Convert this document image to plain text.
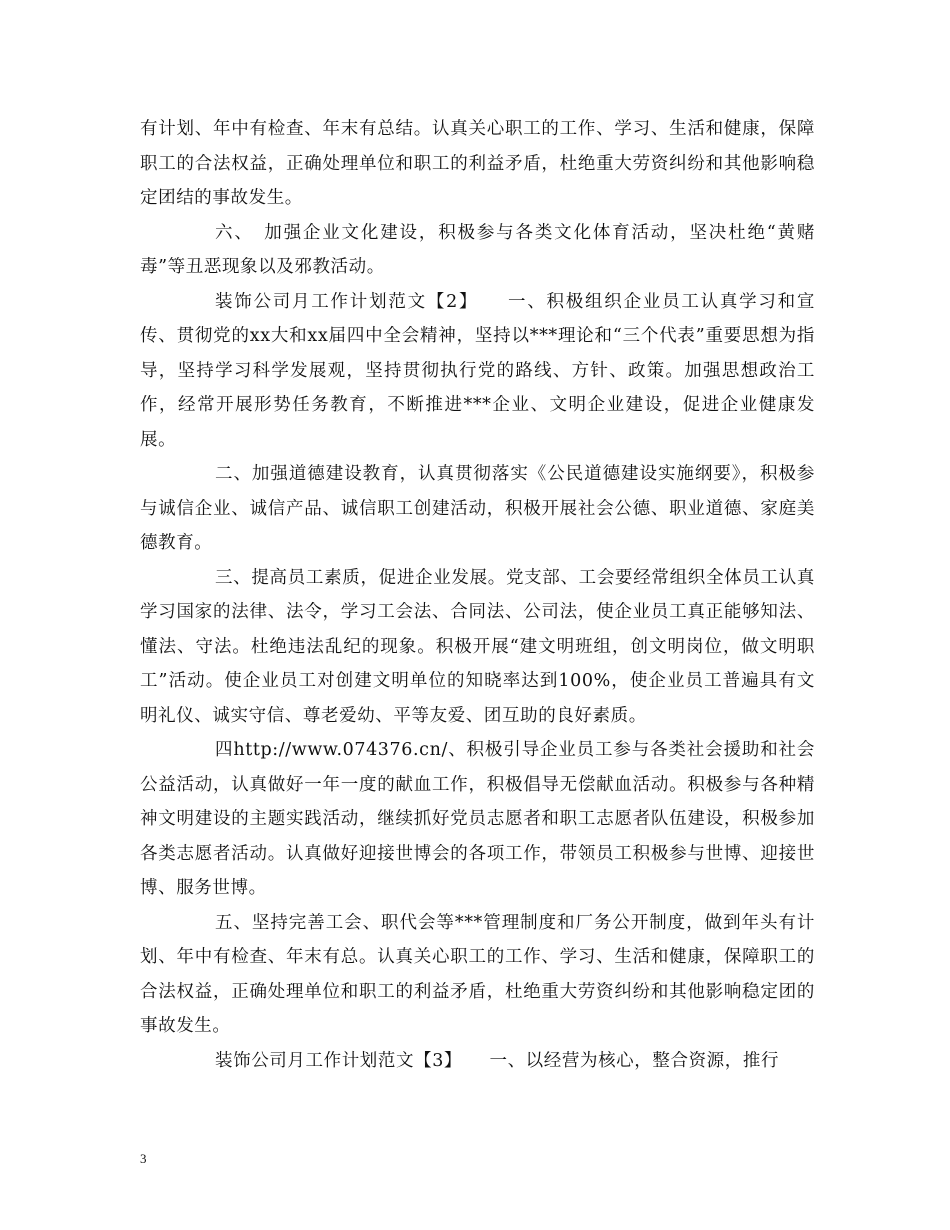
有计划、年中有检查、年末有总结。认真关心职工的工作、学习、生活和健康，保障职工的合法权益，正确处理单位和职工的利益矛盾，杜绝重大劳资纠纷和其他影响稳定团结的事故发生。

六、　加强企业文化建设，积极参与各类文化体育活动，坚决杜绝“黄赌毒”等丑恶现象以及邪教活动。

装饰公司月工作计划范文【2】　　一、积极组织企业员工认真学习和宣传、贯彻党的xx大和xx届四中全会精神，坚持以***理论和“三个代表”重要思想为指导，坚持学习科学发展观，坚持贯彻执行党的路线、方针、政策。加强思想政治工作，经常开展形势任务教育，不断推进***企业、文明企业建设，促进企业健康发展。

二、加强道德建设教育，认真贯彻落实《公民道德建设实施纲要》，积极参与诚信企业、诚信产品、诚信职工创建活动，积极开展社会公德、职业道德、家庭美德教育。

三、提高员工素质，促进企业发展。党支部、工会要经常组织全体员工认真学习国家的法律、法令，学习工会法、合同法、公司法，使企业员工真正能够知法、懂法、守法。杜绝违法乱纪的现象。积极开展“建文明班组，创文明岗位，做文明职工”活动。使企业员工对创建文明单位的知晓率达到100%，使企业员工普遍具有文明礼仪、诚实守信、尊老爱幼、平等友爱、团互助的良好素质。

四http://www.074376.cn/、积极引导企业员工参与各类社会援助和社会公益活动，认真做好一年一度的献血工作，积极倡导无偿献血活动。积极参与各种精神文明建设的主题实践活动，继续抓好党员志愿者和职工志愿者队伍建设，积极参加各类志愿者活动。认真做好迎接世博会的各项工作，带领员工积极参与世博、迎接世博、服务世博。

五、坚持完善工会、职代会等***管理制度和厂务公开制度，做到年头有计划、年中有检查、年末有总。认真关心职工的工作、学习、生活和健康，保障职工的合法权益，正确处理单位和职工的利益矛盾，杜绝重大劳资纠纷和其他影响稳定团的事故发生。

装饰公司月工作计划范文【3】　　一、以经营为核心，整合资源，推行

3
